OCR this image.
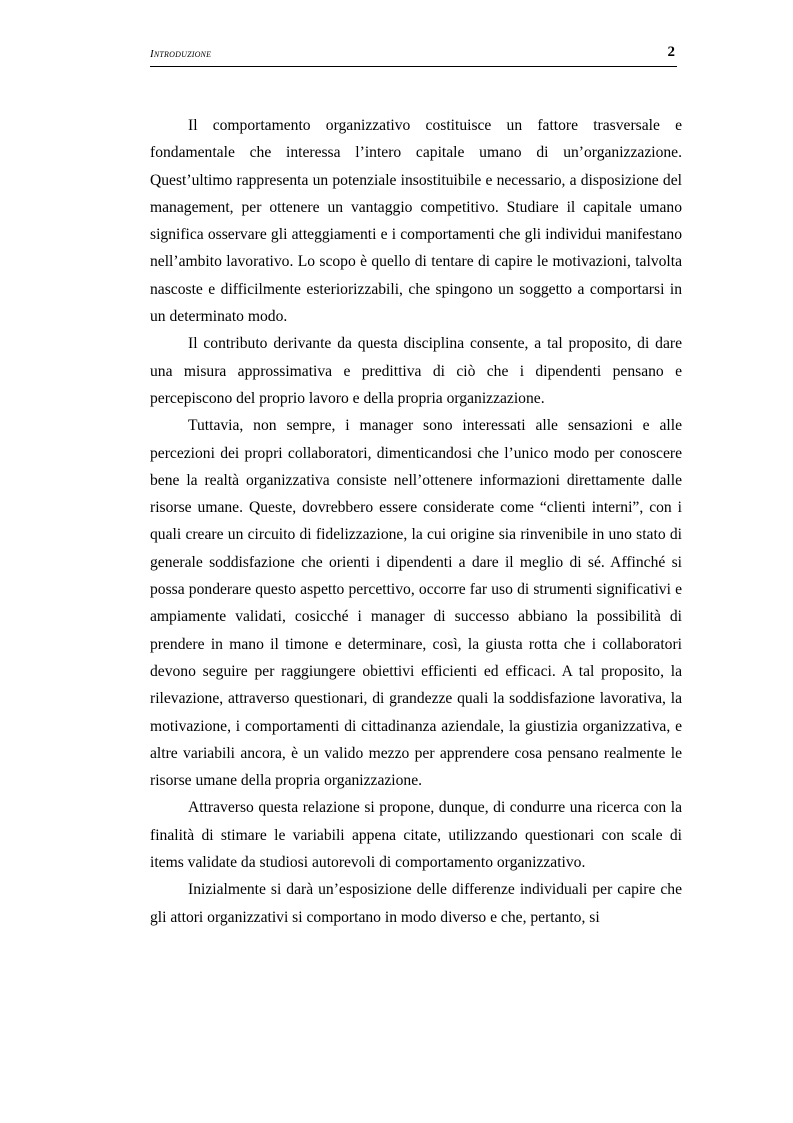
Introduzione	2

Il comportamento organizzativo costituisce un fattore trasversale e fondamentale che interessa l’intero capitale umano di un’organizzazione. Quest’ultimo rappresenta un potenziale insostituibile e necessario, a disposizione del management, per ottenere un vantaggio competitivo. Studiare il capitale umano significa osservare gli atteggiamenti e i comportamenti che gli individui manifestano nell’ambito lavorativo. Lo scopo è quello di tentare di capire le motivazioni, talvolta nascoste e difficilmente esteriorizzabili, che spingono un soggetto a comportarsi in un determinato modo.

Il contributo derivante da questa disciplina consente, a tal proposito, di dare una misura approssimativa e predittiva di ciò che i dipendenti pensano e percepiscono del proprio lavoro e della propria organizzazione.

Tuttavia, non sempre, i manager sono interessati alle sensazioni e alle percezioni dei propri collaboratori, dimenticandosi che l’unico modo per conoscere bene la realtà organizzativa consiste nell’ottenere informazioni direttamente dalle risorse umane. Queste, dovrebbero essere considerate come “clienti interni”, con i quali creare un circuito di fidelizzazione, la cui origine sia rinvenibile in uno stato di generale soddisfazione che orienti i dipendenti a dare il meglio di sé. Affinché si possa ponderare questo aspetto percettivo, occorre far uso di strumenti significativi e ampiamente validati, cosicché i manager di successo abbiano la possibilità di prendere in mano il timone e determinare, così, la giusta rotta che i collaboratori devono seguire per raggiungere obiettivi efficienti ed efficaci. A tal proposito, la rilevazione, attraverso questionari, di grandezze quali la soddisfazione lavorativa, la motivazione, i comportamenti di cittadinanza aziendale, la giustizia organizzativa, e altre variabili ancora, è un valido mezzo per apprendere cosa pensano realmente le risorse umane della propria organizzazione.

Attraverso questa relazione si propone, dunque, di condurre una ricerca con la finalità di stimare le variabili appena citate, utilizzando questionari con scale di items validate da studiosi autorevoli di comportamento organizzativo.

Inizialmente si darà un’esposizione delle differenze individuali per capire che gli attori organizzativi si comportano in modo diverso e che, pertanto, si
